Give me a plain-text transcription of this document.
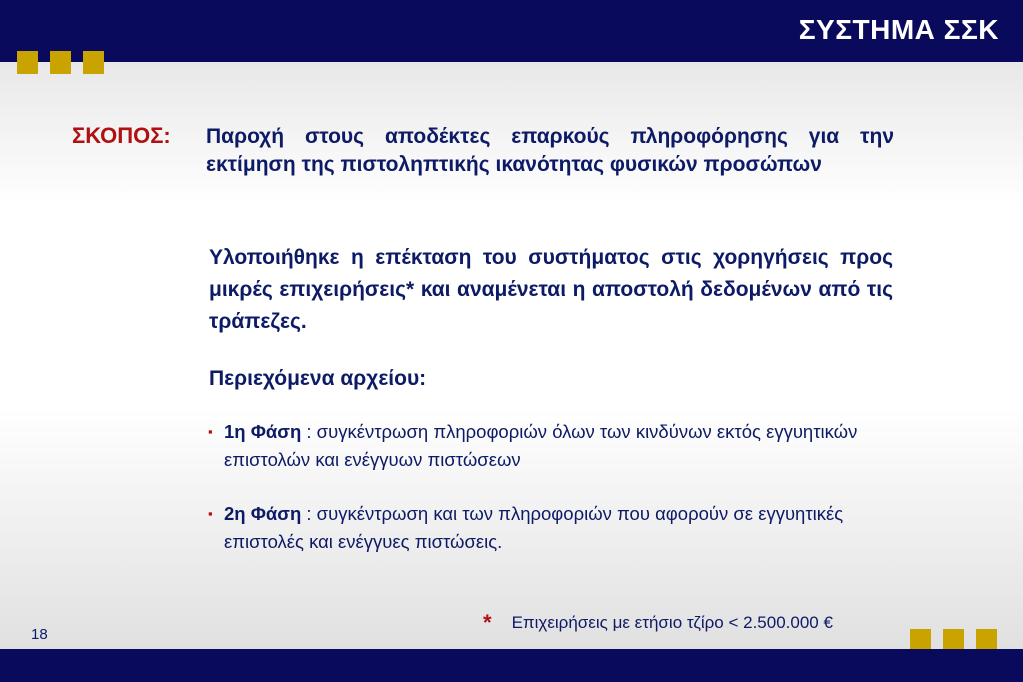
ΣΥΣΤΗΜΑ ΣΣΚ
ΣΚΟΠΟΣ: Παροχή στους αποδέκτες επαρκούς πληροφόρησης για την εκτίμηση της πιστοληπτικής ικανότητας φυσικών προσώπων
Υλοποιήθηκε η επέκταση του συστήματος στις χορηγήσεις προς μικρές επιχειρήσεις* και αναμένεται η αποστολή δεδομένων από τις τράπεζες.
Περιεχόμενα αρχείου:
▪ 1η Φάση : συγκέντρωση πληροφοριών όλων των κινδύνων εκτός εγγυητικών επιστολών και ενέγγυων πιστώσεων
▪ 2η Φάση : συγκέντρωση και των πληροφοριών που αφορούν σε εγγυητικές επιστολές και ενέγγυες πιστώσεις.
* Επιχειρήσεις με ετήσιο τζίρο < 2.500.000 €
18
